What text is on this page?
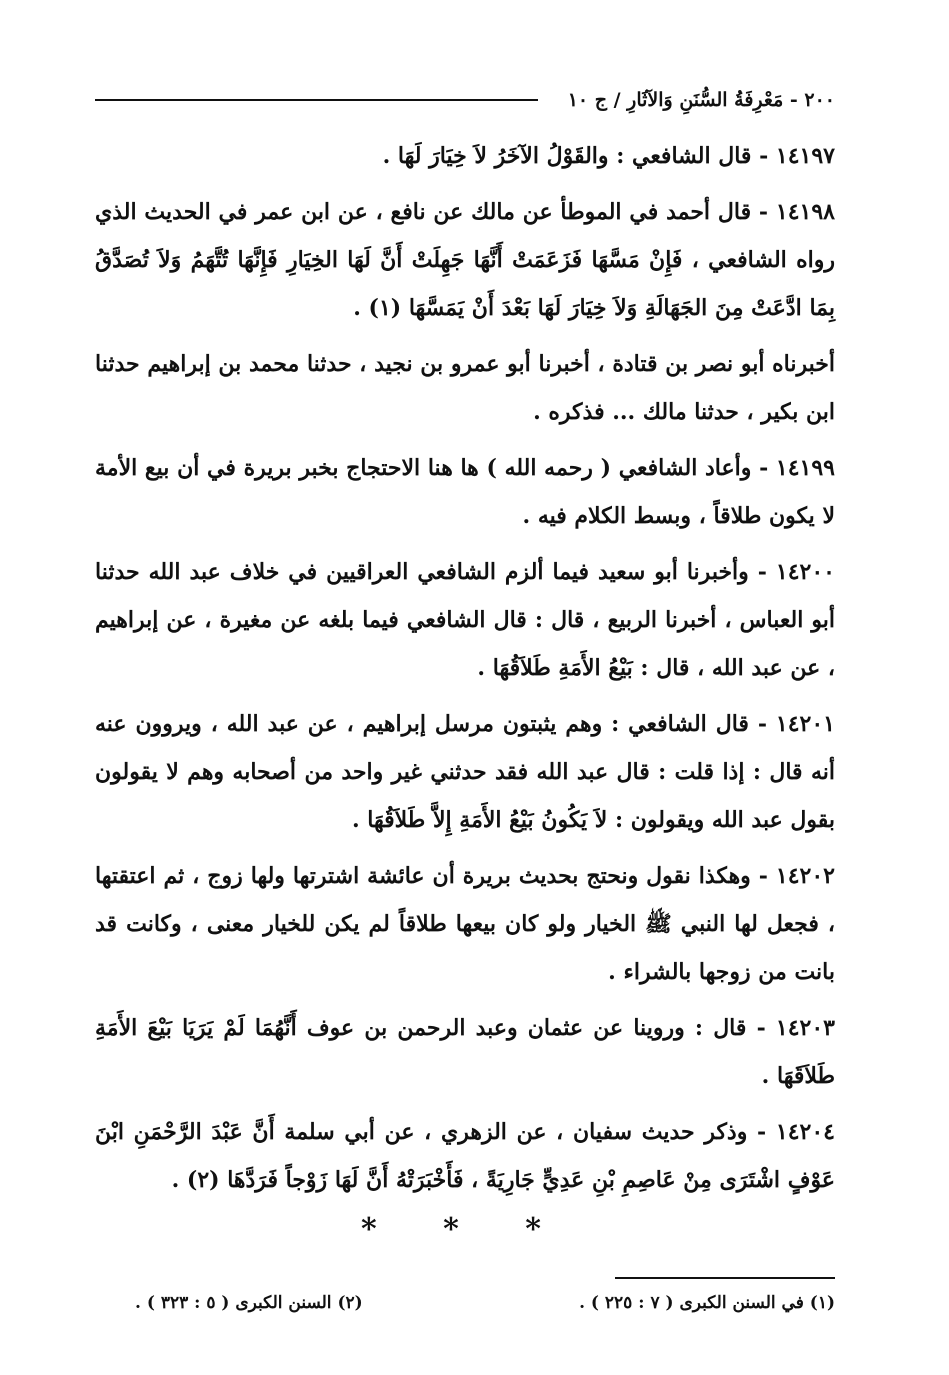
٢٠٠ - مَعْرِفَةُ السُّنَنِ وَالآثَارِ / ج ١٠

١٤١٩٧ - قال الشافعي : والقَوْلُ الآخَرُ لاَ خِيَارَ لَهَا .

١٤١٩٨ - قال أحمد في الموطأ عن مالك عن نافع ، عن ابن عمر في الحديث الذي رواه الشافعي ، فَإِنْ مَسَّهَا فَزَعَمَتْ أَنَّهَا جَهِلَتْ أَنَّ لَهَا الخِيَارِ فَإِنَّهَا تُتَّهَمُ وَلاَ تُصَدَّقُ بِمَا ادَّعَتْ مِنَ الجَهَالَةِ وَلاَ خِيَارَ لَهَا بَعْدَ أَنْ يَمَسَّهَا (١) .

أخبرناه أبو نصر بن قتادة ، أخبرنا أبو عمرو بن نجيد ، حدثنا محمد بن إبراهيم حدثنا ابن بكير ، حدثنا مالك ... فذكره .

١٤١٩٩ - وأعاد الشافعي ( رحمه الله ) ها هنا الاحتجاج بخبر بريرة في أن بيع الأمة لا يكون طلاقاً ، وبسط الكلام فيه .

١٤٢٠٠ - وأخبرنا أبو سعيد فيما ألزم الشافعي العراقيين في خلاف عبد الله حدثنا أبو العباس ، أخبرنا الربيع ، قال : قال الشافعي فيما بلغه عن مغيرة ، عن إبراهيم ، عن عبد الله ، قال : بَيْعُ الأَمَةِ طَلاَقُهَا .

١٤٢٠١ - قال الشافعي : وهم يثبتون مرسل إبراهيم ، عن عبد الله ، ويروون عنه أنه قال : إذا قلت : قال عبد الله فقد حدثني غير واحد من أصحابه وهم لا يقولون بقول عبد الله ويقولون : لاَ يَكُونُ بَيْعُ الأَمَةِ إِلاَّ طَلاَقُهَا .

١٤٢٠٢ - وهكذا نقول ونحتج بحديث بريرة أن عائشة اشترتها ولها زوج ، ثم اعتقتها ، فجعل لها النبي ﷺ الخيار ولو كان بيعها طلاقاً لم يكن للخيار معنى ، وكانت قد بانت من زوجها بالشراء .

١٤٢٠٣ - قال : وروينا عن عثمان وعبد الرحمن بن عوف أَنَّهُمَا لَمْ يَرَيَا بَيْعَ الأَمَةِ طَلاَقَهَا .

١٤٢٠٤ - وذكر حديث سفيان ، عن الزهري ، عن أبي سلمة أَنَّ عَبْدَ الرَّحْمَنِ ابْنَ عَوْفٍ اشْتَرَى مِنْ عَاصِمِ بْنِ عَدِيٍّ جَارِيَةً ، فَأَخْبَرَتْهُ أَنَّ لَهَا زَوْجاً فَرَدَّهَا (٢) .

* * *
(١) في السنن الكبرى ( ٧ : ٢٢٥ ) .
(٢) السنن الكبرى ( ٥ : ٣٢٣ ) .
